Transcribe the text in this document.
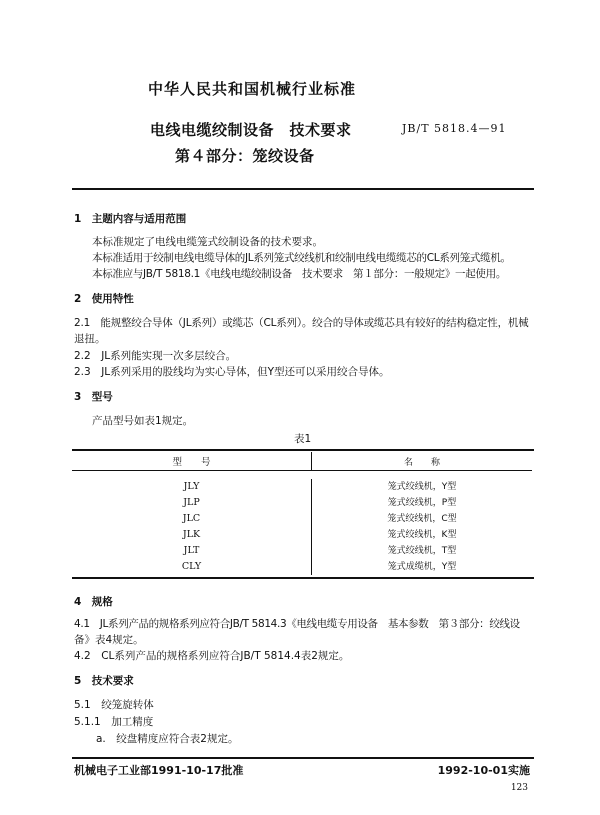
中华人民共和国机械行业标准
电线电缆绞制设备　技术要求	JB/T 5818.4—91
第４部分：笼绞设备
1　主题内容与适用范围
本标准规定了电线电缆笼式绞制设备的技术要求。
本标准适用于绞制电线电缆导体的JL系列笼式绞线机和绞制电线电缆缆芯的CL系列笼式缆机。
本标准应与JB/T 5818.1《电线电缆绞制设备　技术要求　第１部分：一般规定》一起使用。
2　使用特性
2.1　能规整绞合导体（JL系列）或缆芯（CL系列）。绞合的导体或缆芯具有较好的结构稳定性，机械
退扭。
2.2　JL系列能实现一次多层绞合。
2.3　JL系列采用的股线均为实心导体，但Y型还可以采用绞合导体。
3　型号
产品型号如表1规定。
表1
型　　号	名　　称

JLY	笼式绞线机，Y型
JLP	笼式绞线机，P型
JLC	笼式绞线机，C型
JLK	笼式绞线机，K型
JLT	笼式绞线机，T型
CLY	笼式成缆机，Y型

4　规格
4.1　JL系列产品的规格系列应符合JB/T 5814.3《电线电缆专用设备　基本参数　第３部分：绞线设
备》表4规定。
4.2　CL系列产品的规格系列应符合JB/T 5814.4表2规定。
5　技术要求
5.1　绞笼旋转体
5.1.1　加工精度
a.　绞盘精度应符合表2规定。
机械电子工业部1991-10-17批准	1992-10-01实施
123
